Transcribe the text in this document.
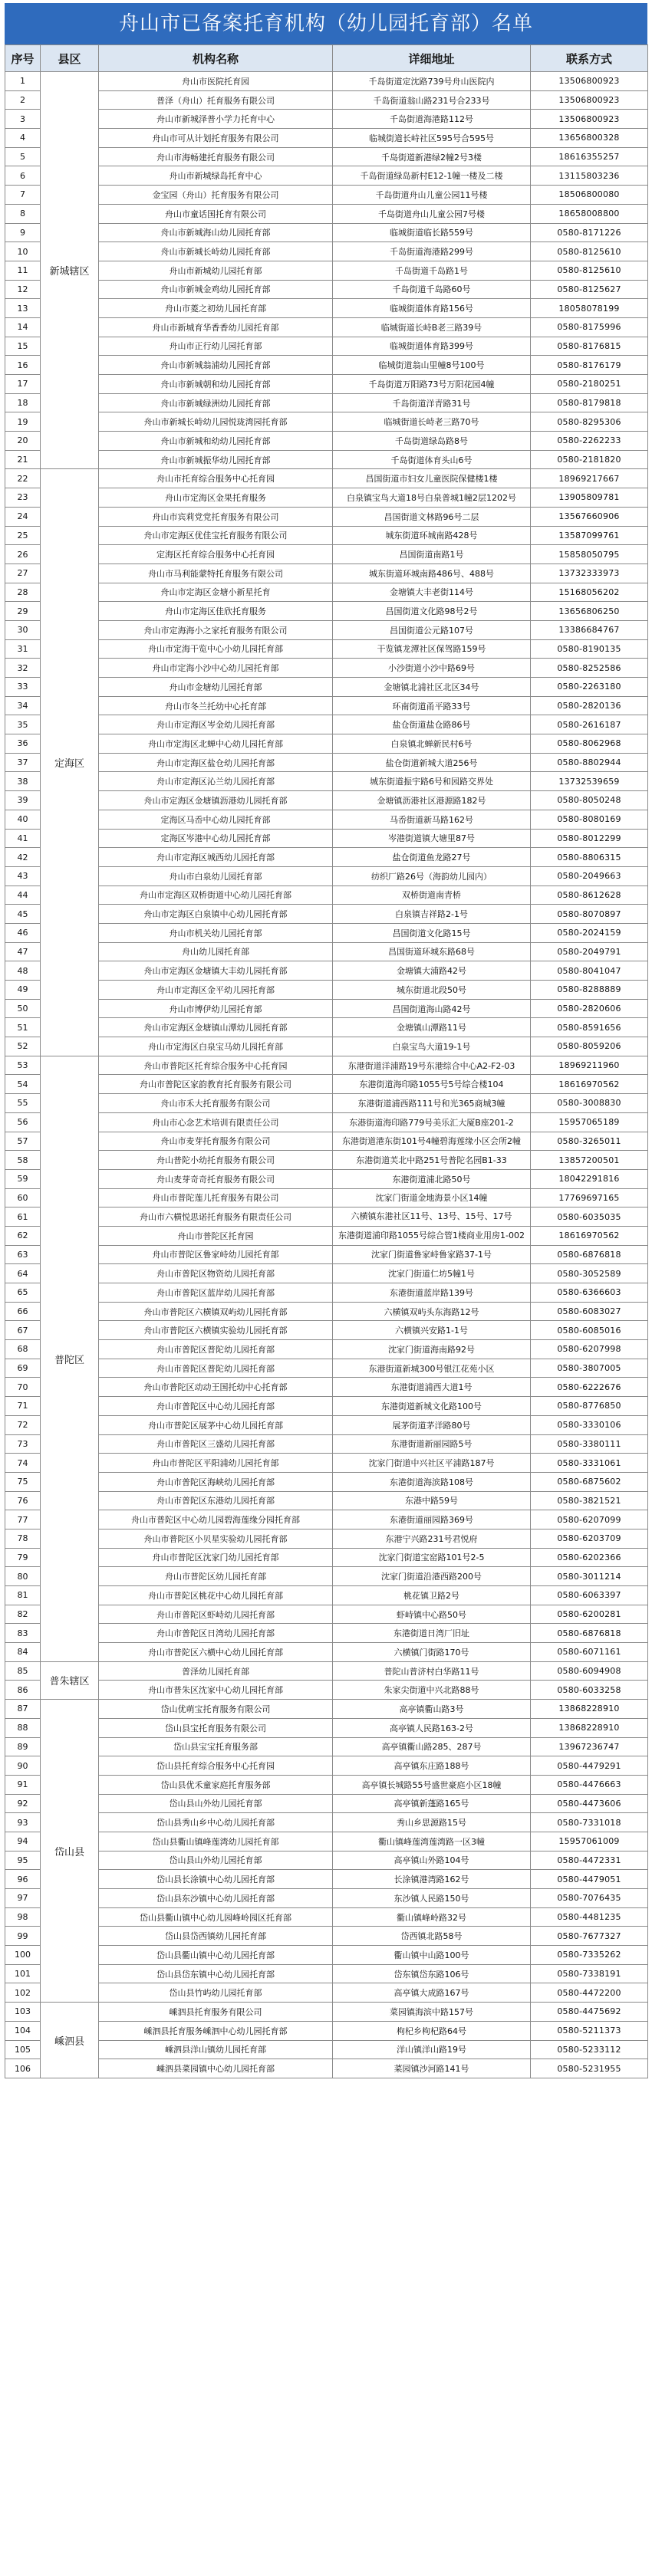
舟山市已备案托育机构（幼儿园托育部）名单
序号	县区	机构名称	详细地址	联系方式
1	新城辖区	舟山市医院托育园	千岛街道定沈路739号舟山医院内	13506800923
2		普泽（舟山）托育服务有限公司	千岛街道翁山路231号合233号	13506800923
3		舟山市新城泽普小学力托育中心	千岛街道海港路112号	13506800923
4		舟山市可从计划托育服务有限公司	临城街道长峙社区595号合595号	13656800328
5		舟山市海畅建托育服务有限公司	千岛街道新港绿2幢2号3楼	18616355257
6		舟山市新城绿岛托育中心	千岛街道绿岛新村E12-1幢一楼及二楼	13115803236
7		金宝园（舟山）托育服务有限公司	千岛街道舟山儿童公园11号楼	18506800080
8		舟山市童话国托育有限公司	千岛街道舟山儿童公园7号楼	18658008800
9		舟山市新城海山幼儿园托育部	临城街道临长路559号	0580-8171226
10		舟山市新城长峙幼儿园托育部	千岛街道海港路299号	0580-8125610
11		舟山市新城幼儿园托育部	千岛街道千岛路1号	0580-8125610
12		舟山市新城金鸡幼儿园托育部	千岛街道千岛路60号	0580-8125627
13		舟山市菱之初幼儿园托育部	临城街道体育路156号	18058078199
14		舟山市新城育华香香幼儿园托育部	临城街道长峙B老三路39号	0580-8175996
15		舟山市正行幼儿园托育部	临城街道体育路399号	0580-8176815
16		舟山市新城翁浦幼儿园托育部	临城街道翁山里幢8号100号	0580-8176179
17		舟山市新城朝和幼儿园托育部	千岛街道万阳路73号万阳花园4幢	0580-2180251
18		舟山市新城绿洲幼儿园托育部	千岛街道洋青路31号	0580-8179818
19		舟山市新城长峙幼儿园悦珑湾园托育部	临城街道长峙老三路70号	0580-8295306
20		舟山市新城和幼幼儿园托育部	千岛街道绿岛路8号	0580-2262233
21		舟山市新城振华幼儿园托育部	千岛街道体育头山6号	0580-2181820
22	定海区	舟山市托育综合服务中心托育园	昌国街道市妇女儿童医院保健楼1楼	18969217667
23		舟山市定海区金果托育服务	白泉镇宝鸟大道18号白泉普城1幢2层1202号	13905809781
24		舟山市宾莉党党托育服务有限公司	昌国街道文林路96号二层	13567660906
25		舟山市定海区优佳宝托育服务有限公司	城东街道环城南路428号	13587099761
26		定海区托育综合服务中心托育园	昌国街道南路1号	15858050795
27		舟山市马利能蒙特托育服务有限公司	城东街道环城南路486号、488号	13732333973
28		舟山市定海区金塘小新星托育	金塘镇大丰老街114号	15168056202
29		舟山市定海区佳欣托育服务	昌国街道文化路98号2号	13656806250
30		舟山市定海海小之家托育服务有限公司	昌国街道公元路107号	13386684767
31		舟山市定海干览中心小幼儿园托育部	干览镇龙潭社区保驾路159号	0580-8190135
32		舟山市定海小沙中心幼儿园托育部	小沙街道小沙中路69号	0580-8252586
33		舟山市金塘幼儿园托育部	金塘镇北浦社区北区34号	0580-2263180
34		舟山市冬兰托幼中心托育部	环南街道甬平路33号	0580-2820136
35		舟山市定海区岑金幼儿园托育部	盐仓街道盐仓路86号	0580-2616187
36		舟山市定海区北蝉中心幼儿园托育部	白泉镇北蝉新民村6号	0580-8062968
37		舟山市定海区盐仓幼儿园托育部	盐仓街道新城大道256号	0580-8802944
38		舟山市定海区沁兰幼儿园托育部	城东街道振宇路6号和园路交界处	13732539659
39		舟山市定海区金塘镇沥港幼儿园托育部	金塘镇沥港社区港源路182号	0580-8050248
40		定海区马岙中心幼儿园托育部	马岙街道新马路162号	0580-8080169
41		定海区岑港中心幼儿园托育部	岑港街道镇大塘里87号	0580-8012299
42		舟山市定海区城西幼儿园托育部	盐仓街道鱼龙路27号	0580-8806315
43		舟山市白泉幼儿园托育部	纺织厂路26号（海韵幼儿园内）	0580-2049663
44		舟山市定海区双桥街道中心幼儿园托育部	双桥街道南青桥	0580-8612628
45		舟山市定海区白泉镇中心幼儿园托育部	白泉镇吉祥路2-1号	0580-8070897
46		舟山市机关幼儿园托育部	昌国街道文化路15号	0580-2024159
47		舟山幼儿园托育部	昌国街道环城东路68号	0580-2049791
48		舟山市定海区金塘镇大丰幼儿园托育部	金塘镇大浦路42号	0580-8041047
49		舟山市定海区金平幼儿园托育部	城东街道北段50号	0580-8288889
50		舟山市博伊幼儿园托育部	昌国街道海山路42号	0580-2820606
51		舟山市定海区金塘镇山潭幼儿园托育部	金塘镇山潭路11号	0580-8591656
52		舟山市定海区白泉宝马幼儿园托育部	白泉宝鸟大道19-1号	0580-8059206
53	普陀区	舟山市普陀区托育综合服务中心托育园	东港街道洋浦路19号东港综合中心A2-F2-03	18969211960
54		舟山市普陀区家韵教育托育服务有限公司	东港街道海印路1055号5号综合楼104	18616970562
55		舟山市禾大托育服务有限公司	东港街道浦西路111号和光365商城3幢	0580-3008830
56		舟山市心念艺术培训有限责任公司	东港街道海印路779号美乐汇大厦B座201-2	15957065189
57		舟山市麦芽托育服务有限公司	东港街道港东街101号4幢碧海莲缘小区会所2幢	0580-3265011
58		舟山普陀小幼托育服务有限公司	东港街道芙北中路251号普陀名园B1-33	13857200501
59		舟山麦芽奇奇托育服务有限公司	东港街道浦北路50号	18042291816
60		舟山市普陀莲儿托育服务有限公司	沈家门街道金地海景小区14幢	17769697165
61		舟山市六横悦思诺托育服务有限责任公司	六横镇东港社区11号、13号、15号、17号	0580-6035035
62		舟山市普陀区托育园	东港街道浦印路1055号综合管1楼商业用房1-002	18616970562
63		舟山市普陀区鲁家峙幼儿园托育部	沈家门街道鲁家峙鲁家路37-1号	0580-6876818
64		舟山市普陀区物资幼儿园托育部	沈家门街道仁坊5幢1号	0580-3052589
65		舟山市普陀区蓝岸幼儿园托育部	东港街道蓝岸路139号	0580-6366603
66		舟山市普陀区六横镇双屿幼儿园托育部	六横镇双屿头东海路12号	0580-6083027
67		舟山市普陀区六横镇实验幼儿园托育部	六横镇兴安路1-1号	0580-6085016
68		舟山市普陀区普陀幼儿园托育部	沈家门街道海南路92号	0580-6207998
69		舟山市普陀区普陀幼儿园托育部	东港街道新城300号银江花苑小区	0580-3807005
70		舟山市普陀区动动王国托幼中心托育部	东港街道浦西大道1号	0580-6222676
71		舟山市普陀区中心幼儿园托育部	东港街道新城文化路100号	0580-8776850
72		舟山市普陀区展茅中心幼儿园托育部	展茅街道茅洋路80号	0580-3330106
73		舟山市普陀区三盛幼儿园托育部	东港街道新丽园路5号	0580-3380111
74		舟山市普陀区平阳浦幼儿园托育部	沈家门街道中兴社区平浦路187号	0580-3331061
75		舟山市普陀区海峡幼儿园托育部	东港街道海滨路108号	0580-6875602
76		舟山市普陀区东港幼儿园托育部	东港中路59号	0580-3821521
77		舟山市普陀区中心幼儿园碧海莲缘分园托育部	东港街道丽园路369号	0580-6207099
78		舟山市普陀区小贝星实验幼儿园托育部	东港宁兴路231号君悦府	0580-6203709
79		舟山市普陀区沈家门幼儿园托育部	沈家门街道宝窑路101号2-5	0580-6202366
80		舟山市普陀区幼儿园托育部	沈家门街道沿港西路200号	0580-3011214
81		舟山市普陀区桃花中心幼儿园托育部	桃花镇卫路2号	0580-6063397
82		舟山市普陀区虾峙幼儿园托育部	虾峙镇中心路50号	0580-6200281
83		舟山市普陀区日湾幼儿园托育部	东港街道日湾厂旧址	0580-6876818
84		舟山市普陀区六横中心幼儿园托育部	六横镇门街路170号	0580-6071161
85	普朱辖区	普泽幼儿园托育部	普陀山普济村白华路11号	0580-6094908
86		舟山市普朱区沈家中心幼儿园托育部	朱家尖街道中兴北路88号	0580-6033258
87	岱山县	岱山优萌宝托育服务有限公司	高亭镇衢山路3号	13868228910
88		岱山县宝托育服务有限公司	高亭镇人民路163-2号	13868228910
89		岱山县宝宝托育服务部	高亭镇衢山路285、287号	13967236747
90		岱山县托育综合服务中心托育园	高亭镇东庄路188号	0580-4479291
91		岱山县优禾童家庭托育服务部	高亭镇长城路55号盛世豪庭小区18幢	0580-4476663
92		岱山县山外幼儿园托育部	高亭镇新蓬路165号	0580-4473606
93		岱山县秀山乡中心幼儿园托育部	秀山乡思源路15号	0580-7331018
94		岱山县衢山镇峰莲湾幼儿园托育部	衢山镇峰莲湾莲湾路一区3幢	15957061009
95		岱山县山外幼儿园托育部	高亭镇山外路104号	0580-4472331
96		岱山县长涂镇中心幼儿园托育部	长涂镇港湾路162号	0580-4479051
97		岱山县东沙镇中心幼儿园托育部	东沙镇人民路150号	0580-7076435
98		岱山县衢山镇中心幼儿园峰岭园区托育部	衢山镇峰岭路32号	0580-4481235
99		岱山县岱西镇幼儿园托育部	岱西镇北路58号	0580-7677327
100		岱山县衢山镇中心幼儿园托育部	衢山镇中山路100号	0580-7335262
101		岱山县岱东镇中心幼儿园托育部	岱东镇岱东路106号	0580-7338191
102		岱山县竹屿幼儿园托育部	高亭镇大成路167号	0580-4472200
103	嵊泗县	嵊泗县托育服务有限公司	菜园镇海滨中路157号	0580-4475692
104		嵊泗县托育服务嵊泗中心幼儿园托育部	枸杞乡枸杞路64号	0580-5211373
105		嵊泗县洋山镇幼儿园托育部	洋山镇洋山路19号	0580-5233112
106		嵊泗县菜园镇中心幼儿园托育部	菜园镇沙河路141号	0580-5231955
